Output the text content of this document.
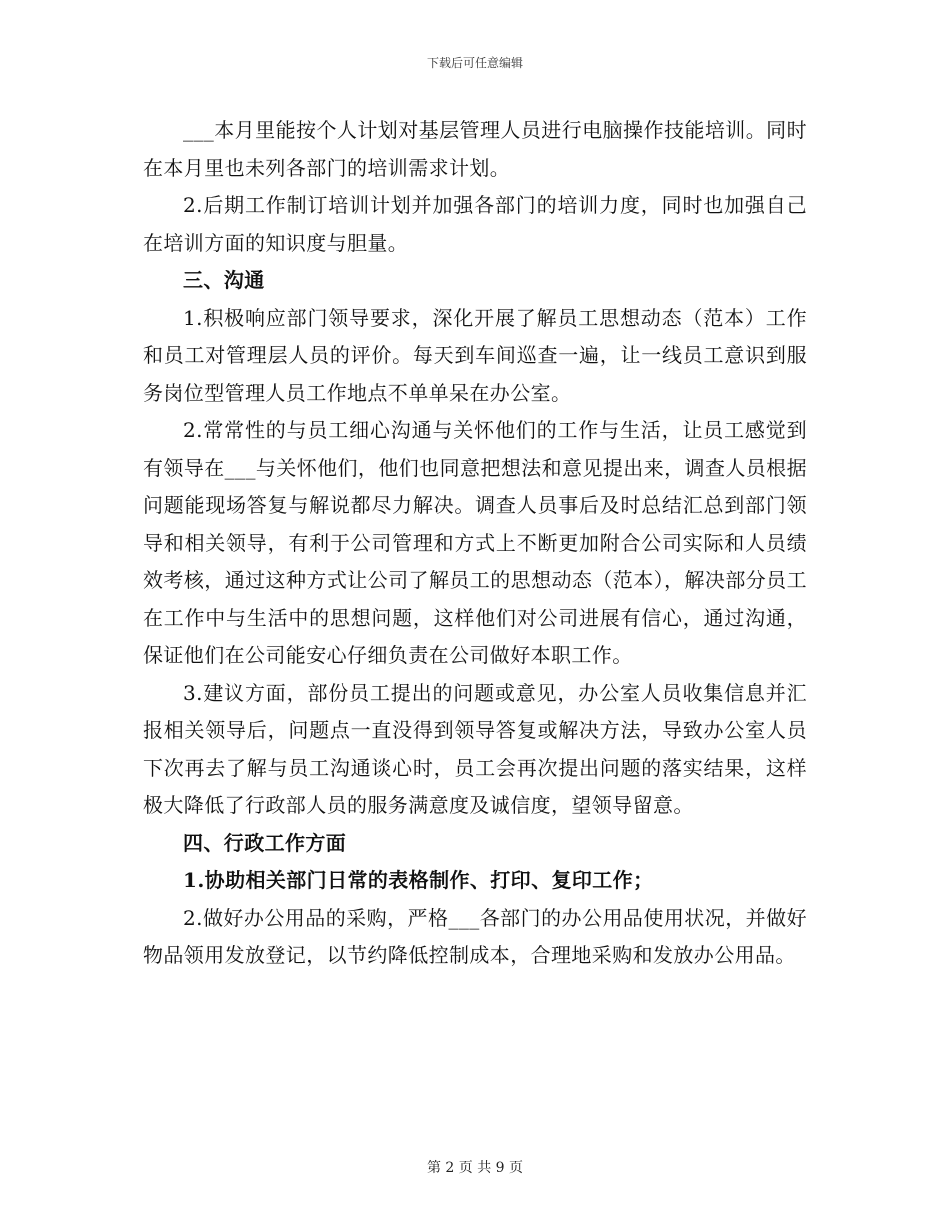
下载后可任意编辑

___本月里能按个人计划对基层管理人员进行电脑操作技能培训。同时在本月里也未列各部门的培训需求计划。

2.后期工作制订培训计划并加强各部门的培训力度，同时也加强自己在培训方面的知识度与胆量。

三、沟通

1.积极响应部门领导要求，深化开展了解员工思想动态（范本）工作和员工对管理层人员的评价。每天到车间巡查一遍，让一线员工意识到服务岗位型管理人员工作地点不单单呆在办公室。

2.常常性的与员工细心沟通与关怀他们的工作与生活，让员工感觉到有领导在___与关怀他们，他们也同意把想法和意见提出来，调查人员根据问题能现场答复与解说都尽力解决。调查人员事后及时总结汇总到部门领导和相关领导，有利于公司管理和方式上不断更加附合公司实际和人员绩效考核，通过这种方式让公司了解员工的思想动态（范本），解决部分员工在工作中与生活中的思想问题，这样他们对公司进展有信心，通过沟通，保证他们在公司能安心仔细负责在公司做好本职工作。

3.建议方面，部份员工提出的问题或意见，办公室人员收集信息并汇报相关领导后，问题点一直没得到领导答复或解决方法，导致办公室人员下次再去了解与员工沟通谈心时，员工会再次提出问题的落实结果，这样极大降低了行政部人员的服务满意度及诚信度，望领导留意。

四、行政工作方面

1.协助相关部门日常的表格制作、打印、复印工作；

2.做好办公用品的采购，严格___各部门的办公用品使用状况，并做好物品领用发放登记，以节约降低控制成本，合理地采购和发放办公用品。

第 2 页 共 9 页
